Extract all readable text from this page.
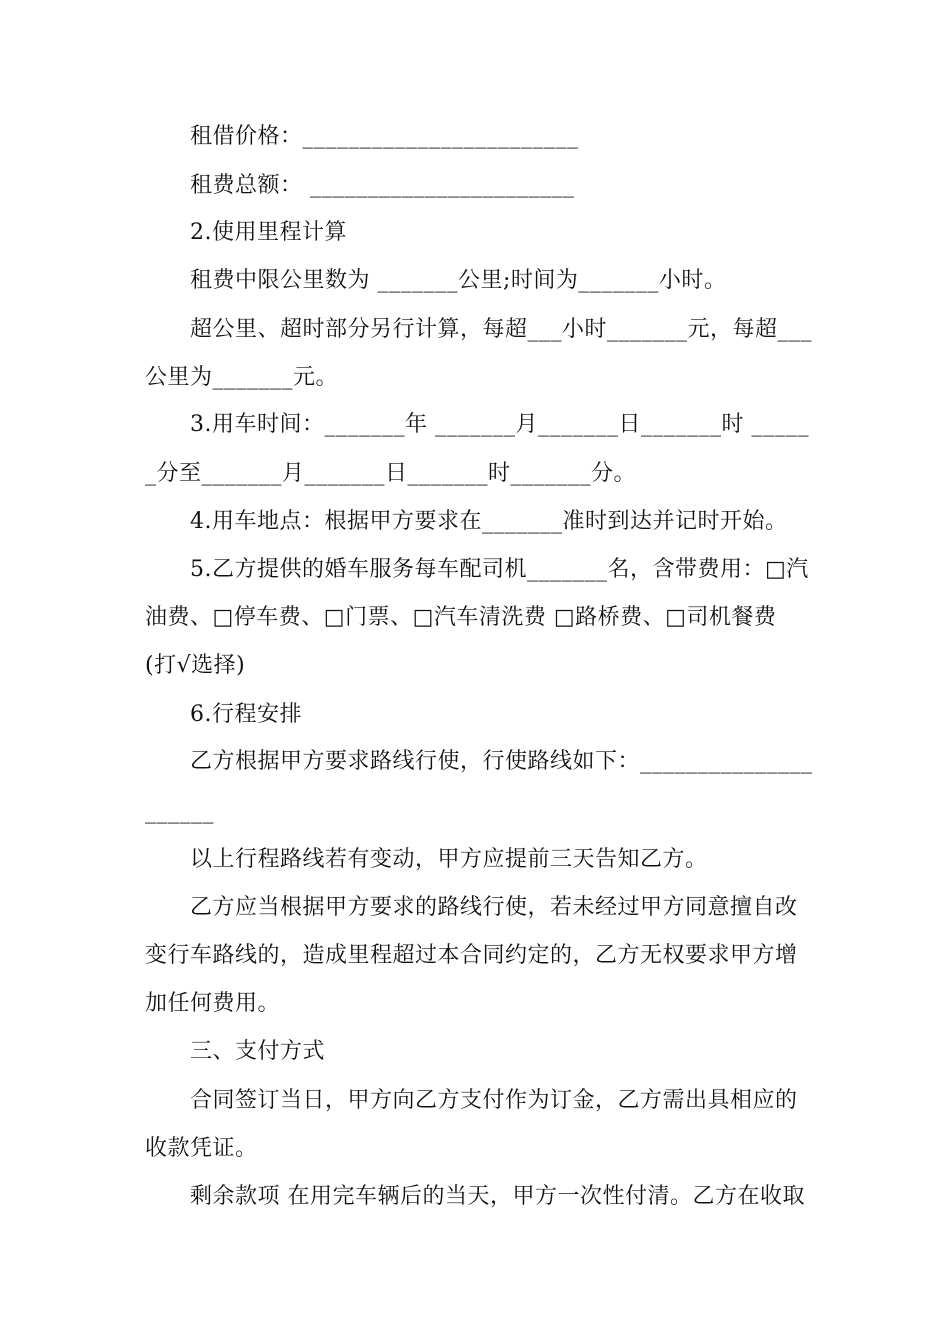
租借价格：________________________
租费总额： _______________________
2.使用里程计算
租费中限公里数为 _______公里;时间为_______小时。
超公里、超时部分另行计算，每超___小时_______元，每超___
公里为_______元。
3.用车时间：_______年 _______月_______日_______时 _____
_分至_______月_______日_______时_______分。
4.用车地点：根据甲方要求在_______准时到达并记时开始。
5.乙方提供的婚车服务每车配司机_______名，含带费用：□汽
油费、□停车费、□门票、□汽车清洗费 □路桥费、□司机餐费
(打√选择)
6.行程安排
乙方根据甲方要求路线行使，行使路线如下：_______________
______
以上行程路线若有变动，甲方应提前三天告知乙方。
乙方应当根据甲方要求的路线行使，若未经过甲方同意擅自改
变行车路线的，造成里程超过本合同约定的，乙方无权要求甲方增
加任何费用。
三、支付方式
合同签订当日，甲方向乙方支付作为订金，乙方需出具相应的
收款凭证。
剩余款项 在用完车辆后的当天，甲方一次性付清。乙方在收取
